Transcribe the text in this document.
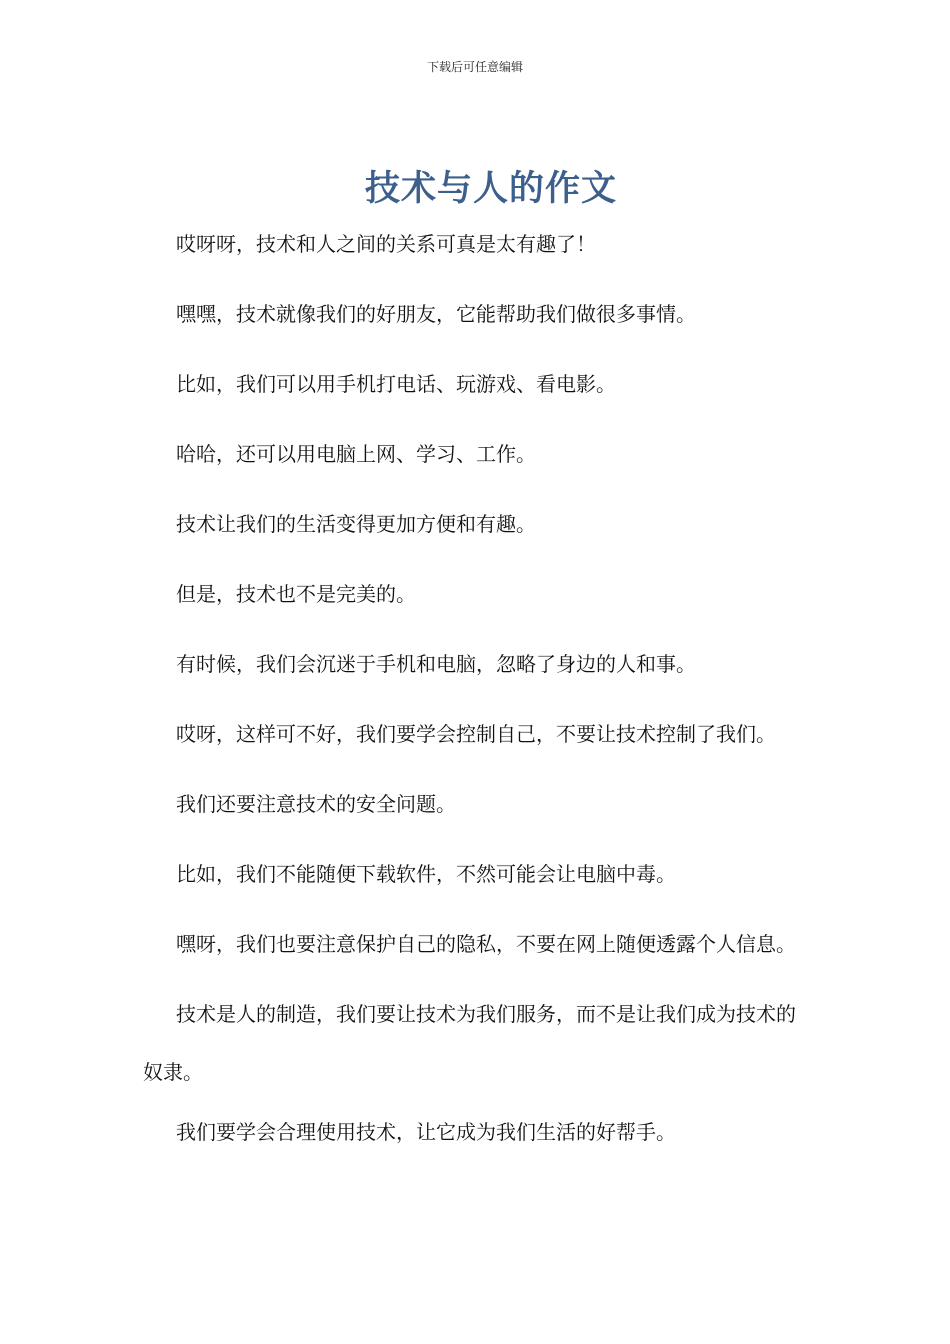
下载后可任意编辑
技术与人的作文

哎呀呀，技术和人之间的关系可真是太有趣了！

嘿嘿，技术就像我们的好朋友，它能帮助我们做很多事情。

比如，我们可以用手机打电话、玩游戏、看电影。

哈哈，还可以用电脑上网、学习、工作。

技术让我们的生活变得更加方便和有趣。

但是，技术也不是完美的。

有时候，我们会沉迷于手机和电脑，忽略了身边的人和事。

哎呀，这样可不好，我们要学会控制自己，不要让技术控制了我们。

我们还要注意技术的安全问题。

比如，我们不能随便下载软件，不然可能会让电脑中毒。

嘿呀，我们也要注意保护自己的隐私，不要在网上随便透露个人信息。

技术是人的制造，我们要让技术为我们服务，而不是让我们成为技术的奴隶。

我们要学会合理使用技术，让它成为我们生活的好帮手。
